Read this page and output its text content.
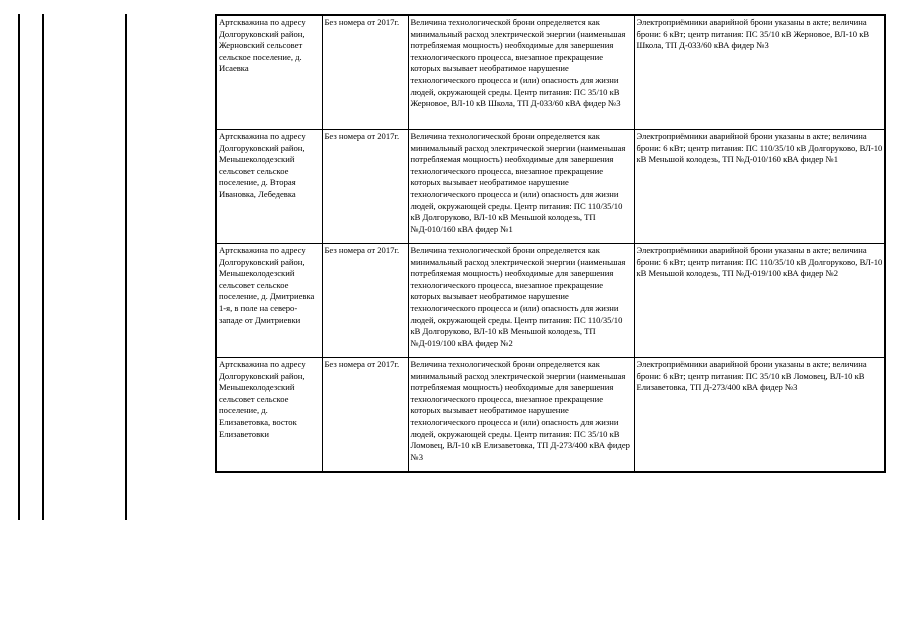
Артскважина по адресу Долгоруковский район, Жерновский сельсовет сельское поселение, д. Исаевка	Без номера от 2017г.	Величина технологической брони определяется как минимальный расход электрической энергии (наименьшая потребляемая мощность) необходимые для завершения технологического процесса, внезапное прекращение которых вызывает необратимое нарушение технологического процесса и (или) опасность для жизни людей, окружающей среды. Центр питания: ПС 35/10 кВ Жерновое, ВЛ-10 кВ Школа, ТП Д-033/60 кВА фидер №3	Электроприёмники аварийной брони указаны в акте; величина брони: 6 кВт; центр питания: ПС 35/10 кВ Жерновое, ВЛ-10 кВ Школа, ТП Д-033/60 кВА фидер №3
Артскважина по адресу Долгоруковский район, Меньшеколодезский сельсовет сельское поселение, д. Вторая Ивановка, Лебедевка	Без номера от 2017г.	Величина технологической брони определяется как минимальный расход электрической энергии (наименьшая потребляемая мощность) необходимые для завершения технологического процесса, внезапное прекращение которых вызывает необратимое нарушение технологического процесса и (или) опасность для жизни людей, окружающей среды. Центр питания: ПС 110/35/10 кВ Долгоруково, ВЛ-10 кВ Меньшой колодезь, ТП №Д-010/160 кВА фидер №1	Электроприёмники аварийной брони указаны в акте; величина брони: 6 кВт; центр питания: ПС 110/35/10 кВ Долгоруково, ВЛ-10 кВ Меньшой колодезь, ТП №Д-010/160 кВА фидер №1
Артскважина по адресу Долгоруковский район, Меньшеколодезский сельсовет сельское поселение, д. Дмитриевка 1-я, в поле на северо-западе от Дмитриевки	Без номера от 2017г.	Величина технологической брони определяется как минимальный расход электрической энергии (наименьшая потребляемая мощность) необходимые для завершения технологического процесса, внезапное прекращение которых вызывает необратимое нарушение технологического процесса и (или) опасность для жизни людей, окружающей среды. Центр питания: ПС 110/35/10 кВ Долгоруково, ВЛ-10 кВ Меньшой колодезь, ТП №Д-019/100 кВА фидер №2	Электроприёмники аварийной брони указаны в акте; величина брони: 6 кВт; центр питания: ПС 110/35/10 кВ Долгоруково, ВЛ-10 кВ Меньшой колодезь, ТП №Д-019/100 кВА фидер №2
Артскважина по адресу Долгоруковский район, Меньшеколодезский сельсовет сельское поселение, д. Елизаветовка, восток Елизаветовки	Без номера от 2017г.	Величина технологической брони определяется как минимальный расход электрической энергии (наименьшая потребляемая мощность) необходимые для завершения технологического процесса, внезапное прекращение которых вызывает необратимое нарушение технологического процесса и (или) опасность для жизни людей, окружающей среды. Центр питания: ПС 35/10 кВ Ломовец, ВЛ-10 кВ Елизаветовка, ТП Д-273/400 кВА фидер №3	Электроприёмники аварийной брони указаны в акте; величина брони: 6 кВт; центр питания: ПС 35/10 кВ Ломовец, ВЛ-10 кВ Елизаветовка, ТП Д-273/400 кВА фидер №3
